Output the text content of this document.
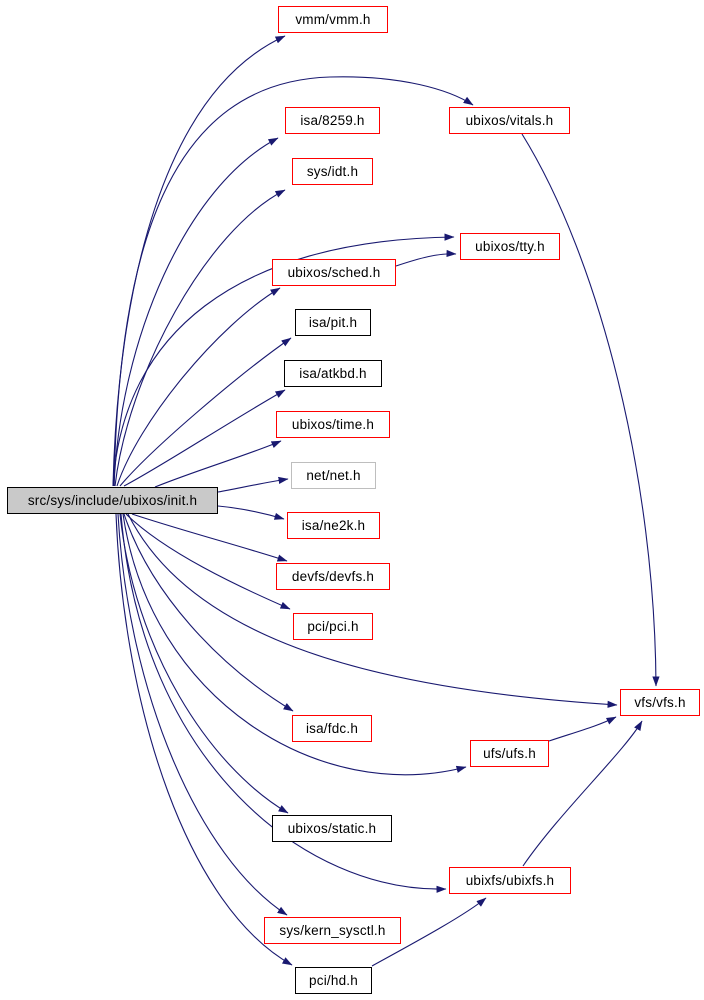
src/sys/include/ubixos/init.h
vmm/vmm.h
isa/8259.h
sys/idt.h
ubixos/vitals.h
ubixos/tty.h
ubixos/sched.h
isa/pit.h
isa/atkbd.h
ubixos/time.h
net/net.h
isa/ne2k.h
devfs/devfs.h
pci/pci.h
vfs/vfs.h
isa/fdc.h
ufs/ufs.h
ubixos/static.h
ubixfs/ubixfs.h
sys/kern_sysctl.h
pci/hd.h
